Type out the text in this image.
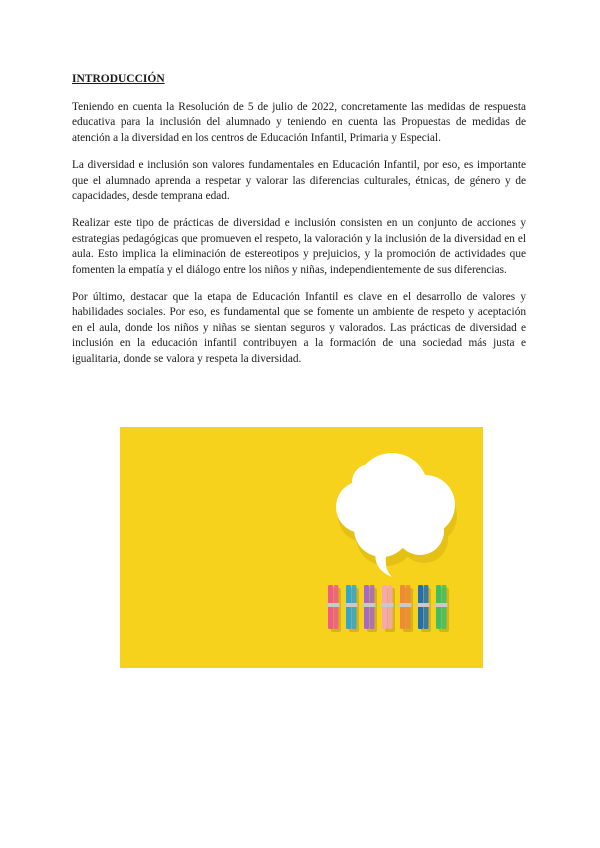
INTRODUCCIÓN

Teniendo en cuenta la Resolución de 5 de julio de 2022, concretamente las medidas de respuesta educativa para la inclusión del alumnado y teniendo en cuenta las Propuestas de medidas de atención a la diversidad en los centros de Educación Infantil, Primaria y Especial.

La diversidad e inclusión son valores fundamentales en Educación Infantil, por eso, es importante que el alumnado aprenda a respetar y valorar las diferencias culturales, étnicas, de género y de capacidades, desde temprana edad.

Realizar este tipo de prácticas de diversidad e inclusión consisten en un conjunto de acciones y estrategias pedagógicas que promueven el respeto, la valoración y la inclusión de la diversidad en el aula. Esto implica la eliminación de estereotipos y prejuicios, y la promoción de actividades que fomenten la empatía y el diálogo entre los niños y niñas, independientemente de sus diferencias.

Por último, destacar que la etapa de Educación Infantil es clave en el desarrollo de valores y habilidades sociales. Por eso, es fundamental que se fomente un ambiente de respeto y aceptación en el aula, donde los niños y niñas se sientan seguros y valorados. Las prácticas de diversidad e inclusión en la educación infantil contribuyen a la formación de una sociedad más justa e igualitaria, donde se valora y respeta la diversidad.
